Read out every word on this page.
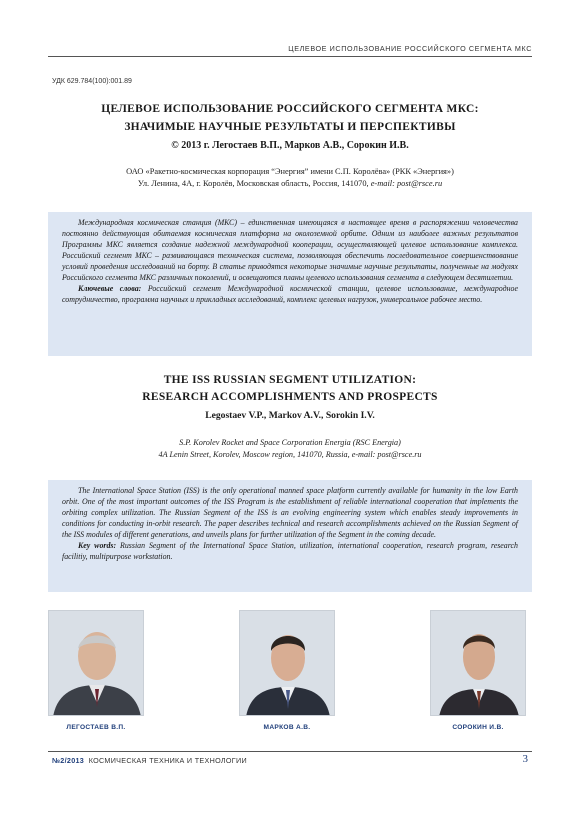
ЦЕЛЕВОЕ ИСПОЛЬЗОВАНИЕ РОССИЙСКОГО СЕГМЕНТА МКС
УДК 629.784(100):001.89
ЦЕЛЕВОЕ ИСПОЛЬЗОВАНИЕ РОССИЙСКОГО СЕГМЕНТА МКС:
ЗНАЧИМЫЕ НАУЧНЫЕ РЕЗУЛЬТАТЫ И ПЕРСПЕКТИВЫ
© 2013 г. Легостаев В.П., Марков А.В., Сорокин И.В.
ОАО «Ракетно-космическая корпорация “Энергия” имени С.П. Королёва» (РКК «Энергия»)
Ул. Ленина, 4А, г. Королёв, Московская область, Россия, 141070, e-mail: post@rsce.ru

Международная космическая станция (МКС) – единственная имеющаяся в настоящее время в распоряжении человечества постоянно действующая обитаемая космическая платформа на околоземной орбите. Одним из наиболее важных результатов Программы МКС является создание надежной международной кооперации, осуществляющей целевое использование комплекса. Российский сегмент МКС – развивающаяся техническая система, позволяющая обеспечить последовательное совершенствование условий проведения исследований на борту. В статье приводятся некоторые значимые научные результаты, полученные на модулях Российского сегмента МКС различных поколений, и освещаются планы целевого использования сегмента в следующем десятилетии.

Ключевые слова: Российский сегмент Международной космической станции, целевое использование, международное сотрудничество, программа научных и прикладных исследований, комплекс целевых нагрузок, универсальное рабочее место.

THE ISS RUSSIAN SEGMENT UTILIZATION:
RESEARCH ACCOMPLISHMENTS AND PROSPECTS
Legostaev V.P., Markov A.V., Sorokin I.V.
S.P. Korolev Rocket and Space Corporation Energia (RSC Energia)
4A Lenin Street, Korolev, Moscow region, 141070, Russia, e-mail: post@rsce.ru

The International Space Station (ISS) is the only operational manned space platform currently available for humanity in the low Earth orbit. One of the most important outcomes of the ISS Program is the establishment of reliable international cooperation that implements the orbiting complex utilization. The Russian Segment of the ISS is an evolving engineering system which enables steady improvements in conditions for conducting in-orbit research. The paper describes technical and research accomplishments achieved on the Russian Segment of the ISS modules of different generations, and unveils plans for further utilization of the Segment in the coming decade.

Key words: Russian Segment of the International Space Station, utilization, international cooperation, research program, research facilitiy, multipurpose workstation.

ЛЕГОСТАЕВ В.П.	МАРКОВ А.В.	СОРОКИН И.В.
№2/2013 КОСМИЧЕСКАЯ ТЕХНИКА И ТЕХНОЛОГИИ	3
